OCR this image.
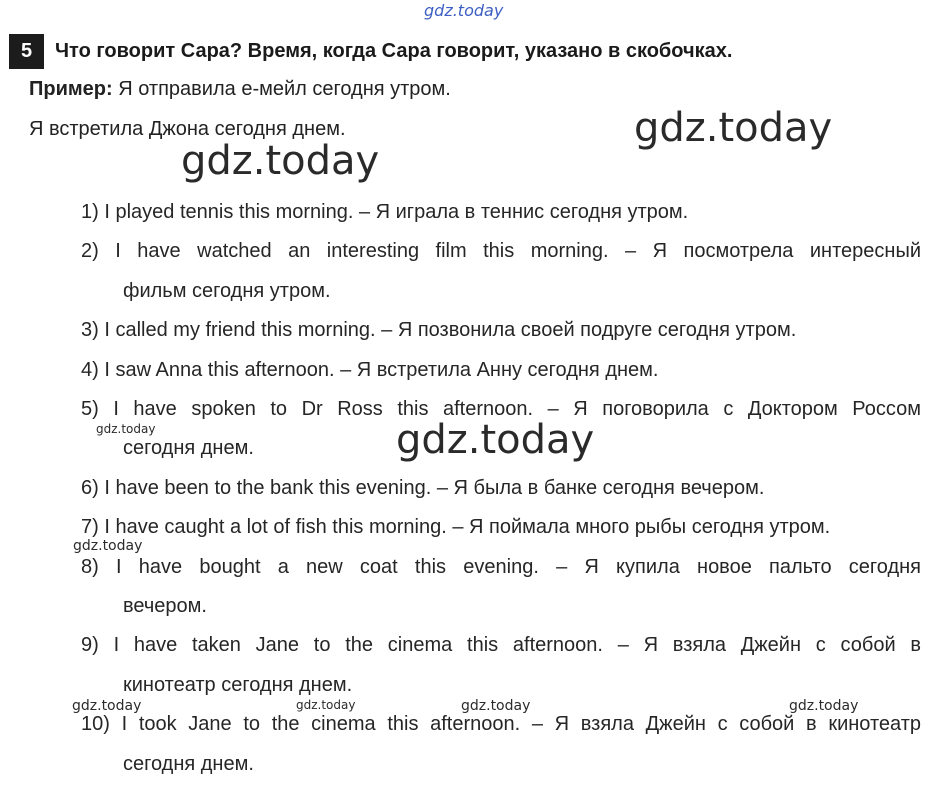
gdz.today
5	Что говорит Сара? Время, когда Сара говорит, указано в скобочках.
Пример: Я отправила е-мейл сегодня утром.
Я встретила Джона сегодня днем.
1) I played tennis this morning. – Я играла в теннис сегодня утром.
2) I have watched an interesting film this morning. – Я посмотрела интересный
фильм сегодня утром.
3) I called my friend this morning. – Я позвонила своей подруге сегодня утром.
4) I saw Anna this afternoon. – Я встретила Анну сегодня днем.
5) I have spoken to Dr Ross this afternoon. – Я поговорила с Доктором Россом
сегодня днем.
6) I have been to the bank this evening. – Я была в банке сегодня вечером.
7) I have caught a lot of fish this morning. – Я поймала много рыбы сегодня утром.
8) I have bought a new coat this evening. – Я купила новое пальто сегодня
вечером.
9) I have taken Jane to the cinema this afternoon. – Я взяла Джейн с собой в
кинотеатр сегодня днем.
10) I took Jane to the cinema this afternoon. – Я взяла Джейн с собой в кинотеатр
сегодня днем.
gdz.today
gdz.today
gdz.today
gdz.today
gdz.today
gdz.today	gdz.today	gdz.today	gdz.today
